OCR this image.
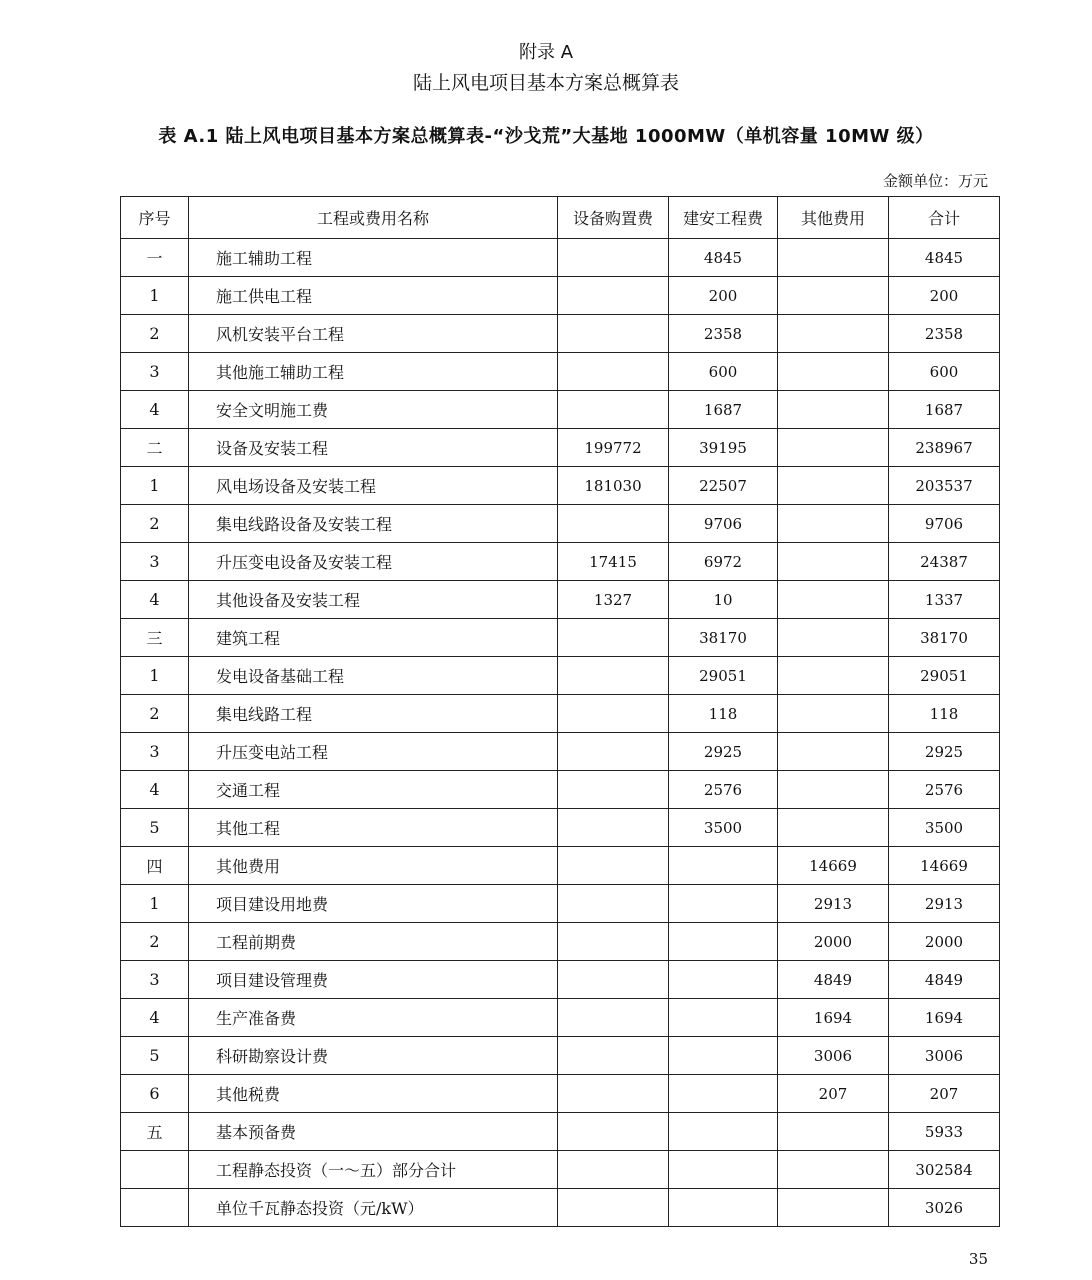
附录 A
陆上风电项目基本方案总概算表
表 A.1 陆上风电项目基本方案总概算表-“沙戈荒”大基地 1000MW（单机容量 10MW 级）
金额单位：万元
序号	工程或费用名称	设备购置费	建安工程费	其他费用	合计
一	施工辅助工程		4845		4845
1	施工供电工程		200		200
2	风机安装平台工程		2358		2358
3	其他施工辅助工程		600		600
4	安全文明施工费		1687		1687
二	设备及安装工程	199772	39195		238967
1	风电场设备及安装工程	181030	22507		203537
2	集电线路设备及安装工程		9706		9706
3	升压变电设备及安装工程	17415	6972		24387
4	其他设备及安装工程	1327	10		1337
三	建筑工程		38170		38170
1	发电设备基础工程		29051		29051
2	集电线路工程		118		118
3	升压变电站工程		2925		2925
4	交通工程		2576		2576
5	其他工程		3500		3500
四	其他费用			14669	14669
1	项目建设用地费			2913	2913
2	工程前期费			2000	2000
3	项目建设管理费			4849	4849
4	生产准备费			1694	1694
5	科研勘察设计费			3006	3006
6	其他税费			207	207
五	基本预备费				5933
	工程静态投资（一～五）部分合计				302584
	单位千瓦静态投资（元/kW）				3026
35
